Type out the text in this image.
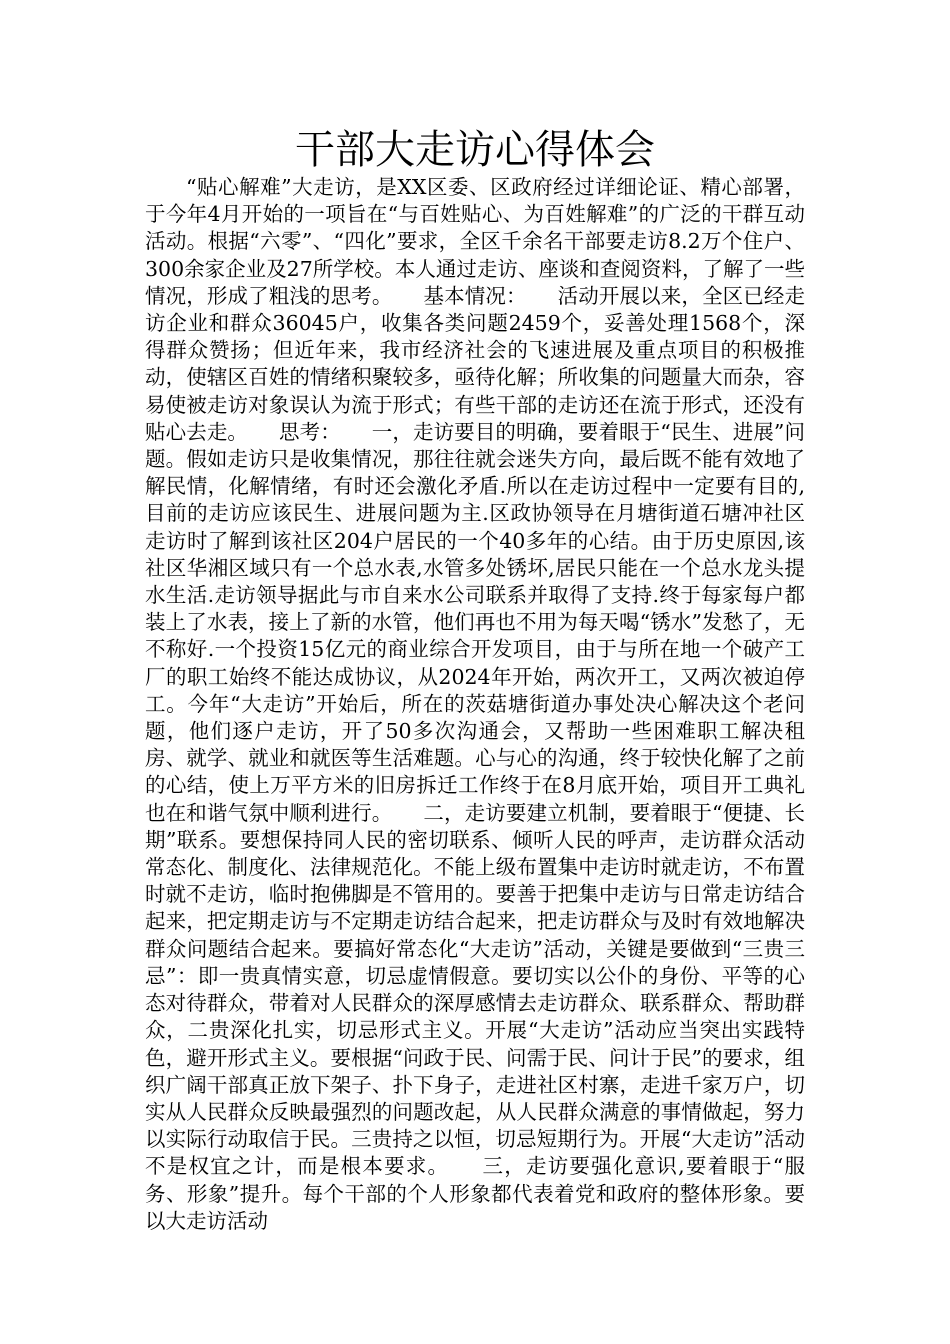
干部大走访心得体会

“贴心解难”大走访，是XX区委、区政府经过详细论证、精心部署，于今年4月开始的一项旨在“与百姓贴心、为百姓解难”的广泛的干群互动活动。根据“六零”、“四化”要求，全区千余名干部要走访8.2万个住户、300余家企业及27所学校。本人通过走访、座谈和查阅资料，了解了一些情况，形成了粗浅的思考。　　基本情况：　　活动开展以来，全区已经走访企业和群众36045户，收集各类问题2459个，妥善处理1568个，深得群众赞扬；但近年来，我市经济社会的飞速进展及重点项目的积极推动，使辖区百姓的情绪积聚较多，亟待化解；所收集的问题量大而杂，容易使被走访对象误认为流于形式；有些干部的走访还在流于形式，还没有贴心去走。　　思考：　　一，走访要目的明确，要着眼于“民生、进展”问题。假如走访只是收集情况，那往往就会迷失方向，最后既不能有效地了解民情，化解情绪，有时还会激化矛盾.所以在走访过程中一定要有目的,目前的走访应该民生、进展问题为主.区政协领导在月塘街道石塘冲社区走访时了解到该社区204户居民的一个40多年的心结。由于历史原因,该社区华湘区域只有一个总水表,水管多处锈坏,居民只能在一个总水龙头提水生活.走访领导据此与市自来水公司联系并取得了支持.终于每家每户都装上了水表，接上了新的水管，他们再也不用为每天喝“锈水”发愁了，无不称好.一个投资15亿元的商业综合开发项目，由于与所在地一个破产工厂的职工始终不能达成协议，从2024年开始，两次开工，又两次被迫停工。今年“大走访”开始后，所在的茨菇塘街道办事处决心解决这个老问题，他们逐户走访，开了50多次沟通会，又帮助一些困难职工解决租房、就学、就业和就医等生活难题。心与心的沟通，终于较快化解了之前的心结，使上万平方米的旧房拆迁工作终于在8月底开始，项目开工典礼也在和谐气氛中顺利进行。　　二，走访要建立机制，要着眼于“便捷、长期”联系。要想保持同人民的密切联系、倾听人民的呼声，走访群众活动常态化、制度化、法律规范化。不能上级布置集中走访时就走访，不布置时就不走访，临时抱佛脚是不管用的。要善于把集中走访与日常走访结合起来，把定期走访与不定期走访结合起来，把走访群众与及时有效地解决群众问题结合起来。要搞好常态化“大走访”活动，关键是要做到“三贵三忌”：即一贵真情实意，切忌虚情假意。要切实以公仆的身份、平等的心态对待群众，带着对人民群众的深厚感情去走访群众、联系群众、帮助群众，二贵深化扎实，切忌形式主义。开展“大走访”活动应当突出实践特色，避开形式主义。要根据“问政于民、问需于民、问计于民”的要求，组织广阔干部真正放下架子、扑下身子，走进社区村寨，走进千家万户，切实从人民群众反映最强烈的问题改起，从人民群众满意的事情做起，努力以实际行动取信于民。三贵持之以恒，切忌短期行为。开展“大走访”活动不是权宜之计，而是根本要求。　　三，走访要强化意识,要着眼于“服务、形象”提升。每个干部的个人形象都代表着党和政府的整体形象。要以大走访活动
